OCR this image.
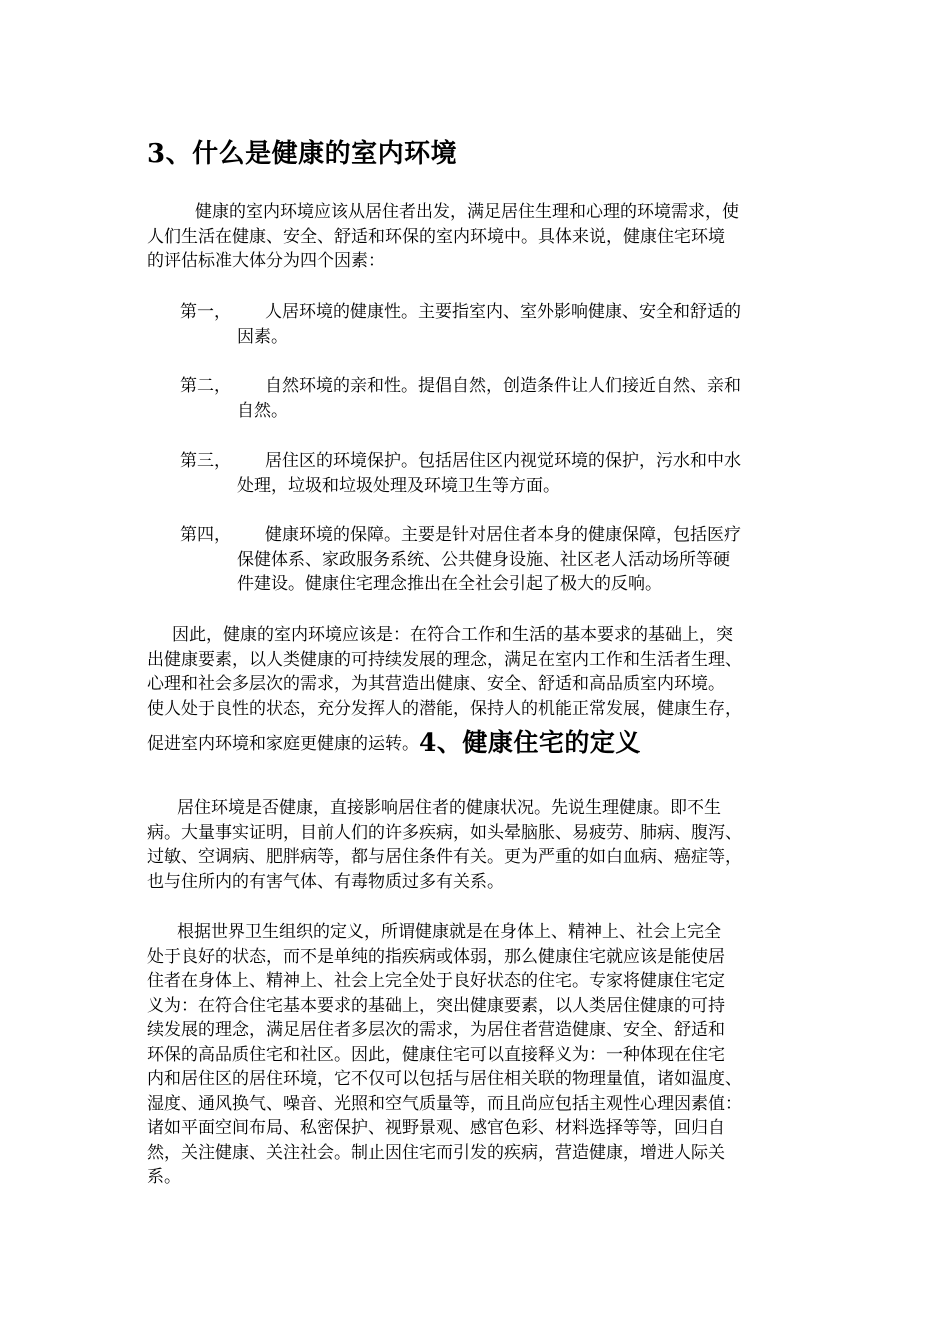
3、什么是健康的室内环境
健康的室内环境应该从居住者出发，满足居住生理和心理的环境需求，使
人们生活在健康、安全、舒适和环保的室内环境中。具体来说，健康住宅环境
的评估标准大体分为四个因素：
第一，	人居环境的健康性。主要指室内、室外影响健康、安全和舒适的
因素。
第二，	自然环境的亲和性。提倡自然，创造条件让人们接近自然、亲和
自然。
第三，	居住区的环境保护。包括居住区内视觉环境的保护，污水和中水
处理，垃圾和垃圾处理及环境卫生等方面。
第四，	健康环境的保障。主要是针对居住者本身的健康保障，包括医疗
保健体系、家政服务系统、公共健身设施、社区老人活动场所等硬
件建设。健康住宅理念推出在全社会引起了极大的反响。
因此，健康的室内环境应该是：在符合工作和生活的基本要求的基础上，突
出健康要素，以人类健康的可持续发展的理念，满足在室内工作和生活者生理、
心理和社会多层次的需求，为其营造出健康、安全、舒适和高品质室内环境。
使人处于良性的状态，充分发挥人的潜能，保持人的机能正常发展，健康生存，
促进室内环境和家庭更健康的运转。4、健康住宅的定义
居住环境是否健康，直接影响居住者的健康状况。先说生理健康。即不生
病。大量事实证明，目前人们的许多疾病，如头晕脑胀、易疲劳、肺病、腹泻、
过敏、空调病、肥胖病等，都与居住条件有关。更为严重的如白血病、癌症等，
也与住所内的有害气体、有毒物质过多有关系。
根据世界卫生组织的定义，所谓健康就是在身体上、精神上、社会上完全
处于良好的状态，而不是单纯的指疾病或体弱，那么健康住宅就应该是能使居
住者在身体上、精神上、社会上完全处于良好状态的住宅。专家将健康住宅定
义为：在符合住宅基本要求的基础上，突出健康要素，以人类居住健康的可持
续发展的理念，满足居住者多层次的需求，为居住者营造健康、安全、舒适和
环保的高品质住宅和社区。因此，健康住宅可以直接释义为：一种体现在住宅
内和居住区的居住环境，它不仅可以包括与居住相关联的物理量值，诸如温度、
湿度、通风换气、噪音、光照和空气质量等，而且尚应包括主观性心理因素值：
诸如平面空间布局、私密保护、视野景观、感官色彩、材料选择等等，回归自
然，关注健康、关注社会。制止因住宅而引发的疾病，营造健康，增进人际关
系。
